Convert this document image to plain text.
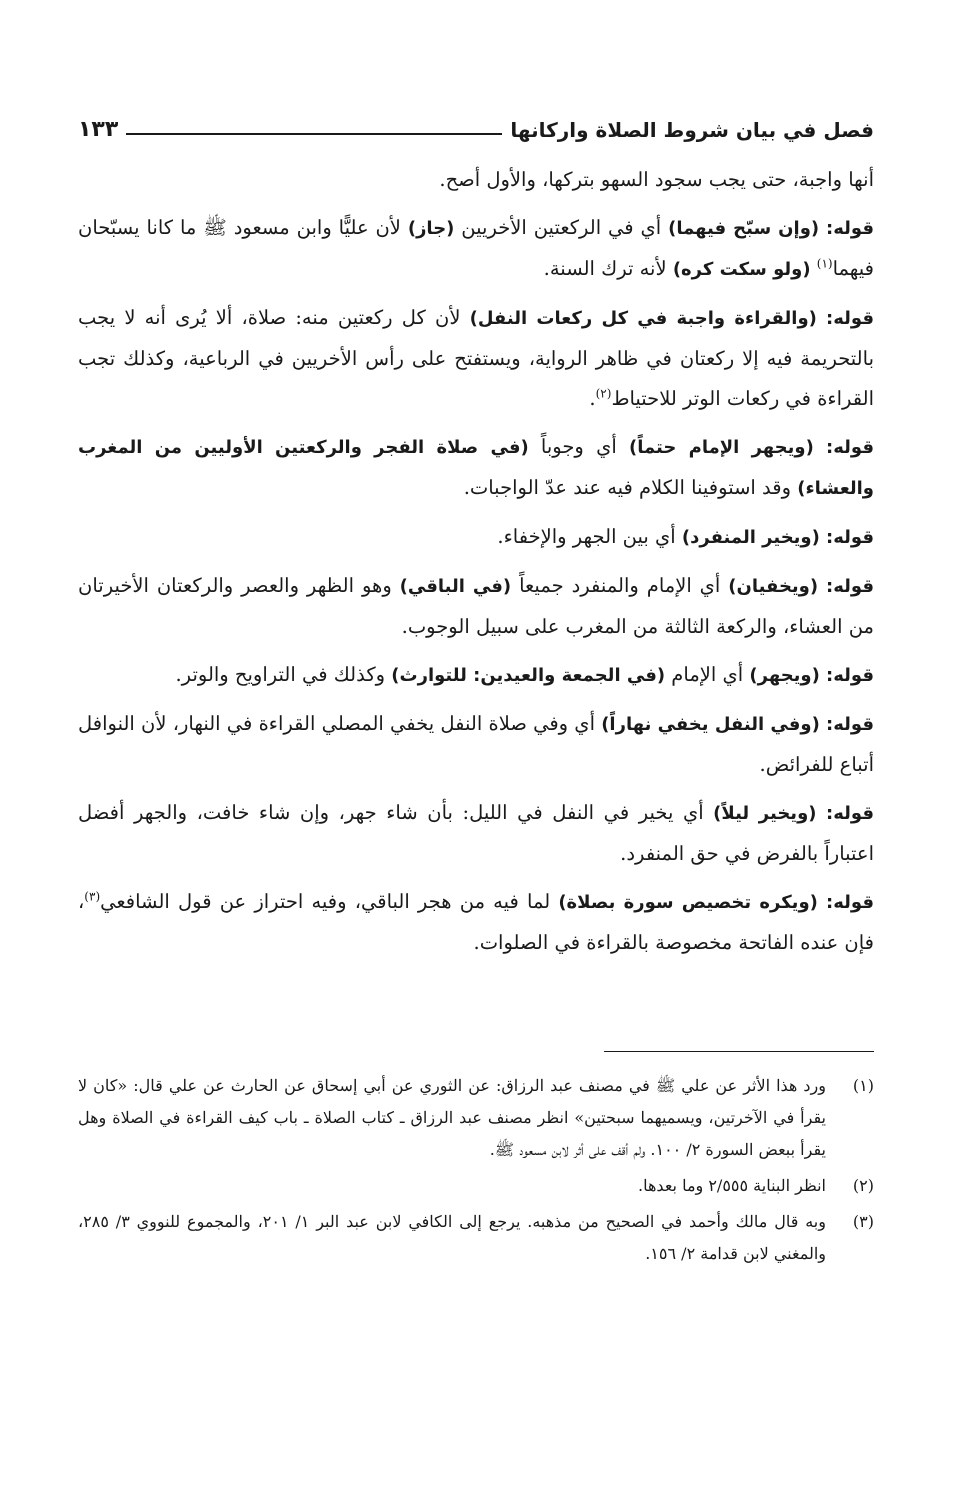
فصل في بيان شروط الصلاة واركانها
١٣٣

أنها واجبة، حتى يجب سجود السهو بتركها، والأول أصح.

قوله: (وإن سبّح فيهما) أي في الركعتين الأخريين (جاز) لأن عليًّا وابن مسعود ﷺ ما كانا يسبّحان فيهما$^{(١)}$ (ولو سكت كره) لأنه ترك السنة.

قوله: (والقراءة واجبة في كل ركعات النفل) لأن كل ركعتين منه: صلاة، ألا يُرى أنه لا يجب بالتحريمة فيه إلا ركعتان في ظاهر الرواية، ويستفتح على رأس الأخريين في الرباعية، وكذلك تجب القراءة في ركعات الوتر للاحتياط$^{(٢)}$.

قوله: (ويجهر الإمام حتماً) أي وجوباً (في صلاة الفجر والركعتين الأوليين من المغرب والعشاء) وقد استوفينا الكلام فيه عند عدّ الواجبات.

قوله: (ويخير المنفرد) أي بين الجهر والإخفاء.

قوله: (ويخفيان) أي الإمام والمنفرد جميعاً (في الباقي) وهو الظهر والعصر والركعتان الأخيرتان من العشاء، والركعة الثالثة من المغرب على سبيل الوجوب.

قوله: (ويجهر) أي الإمام (في الجمعة والعيدين: للتوارث) وكذلك في التراويح والوتر.

قوله: (وفي النفل يخفي نهاراً) أي وفي صلاة النفل يخفي المصلي القراءة في النهار، لأن النوافل أتباع للفرائض.

قوله: (ويخير ليلاً) أي يخير في النفل في الليل: بأن شاء جهر، وإن شاء خافت، والجهر أفضل اعتباراً بالفرض في حق المنفرد.

قوله: (ويكره تخصيص سورة بصلاة) لما فيه من هجر الباقي، وفيه احتراز عن قول الشافعي$^{(٣)}$، فإن عنده الفاتحة مخصوصة بالقراءة في الصلوات.

(١)
ورد هذا الأثر عن علي ﷺ في مصنف عبد الرزاق: عن الثوري عن أبي إسحاق عن الحارث عن علي قال: «كان لا يقرأ في الآخرتين، ويسميهما سبحتين» انظر مصنف عبد الرزاق ـ كتاب الصلاة ـ باب كيف القراءة في الصلاة وهل يقرأ ببعض السورة ٢/ ١٠٠. ولم أقف على أثر لابن مسعود ﷺ.
(٢)
انظر البناية ٢/٥٥٥ وما بعدها.
(٣)
وبه قال مالك وأحمد في الصحيح من مذهبه. يرجع إلى الكافي لابن عبد البر ١/ ٢٠١، والمجموع للنووي ٣/ ٢٨٥، والمغني لابن قدامة ٢/ ١٥٦.
